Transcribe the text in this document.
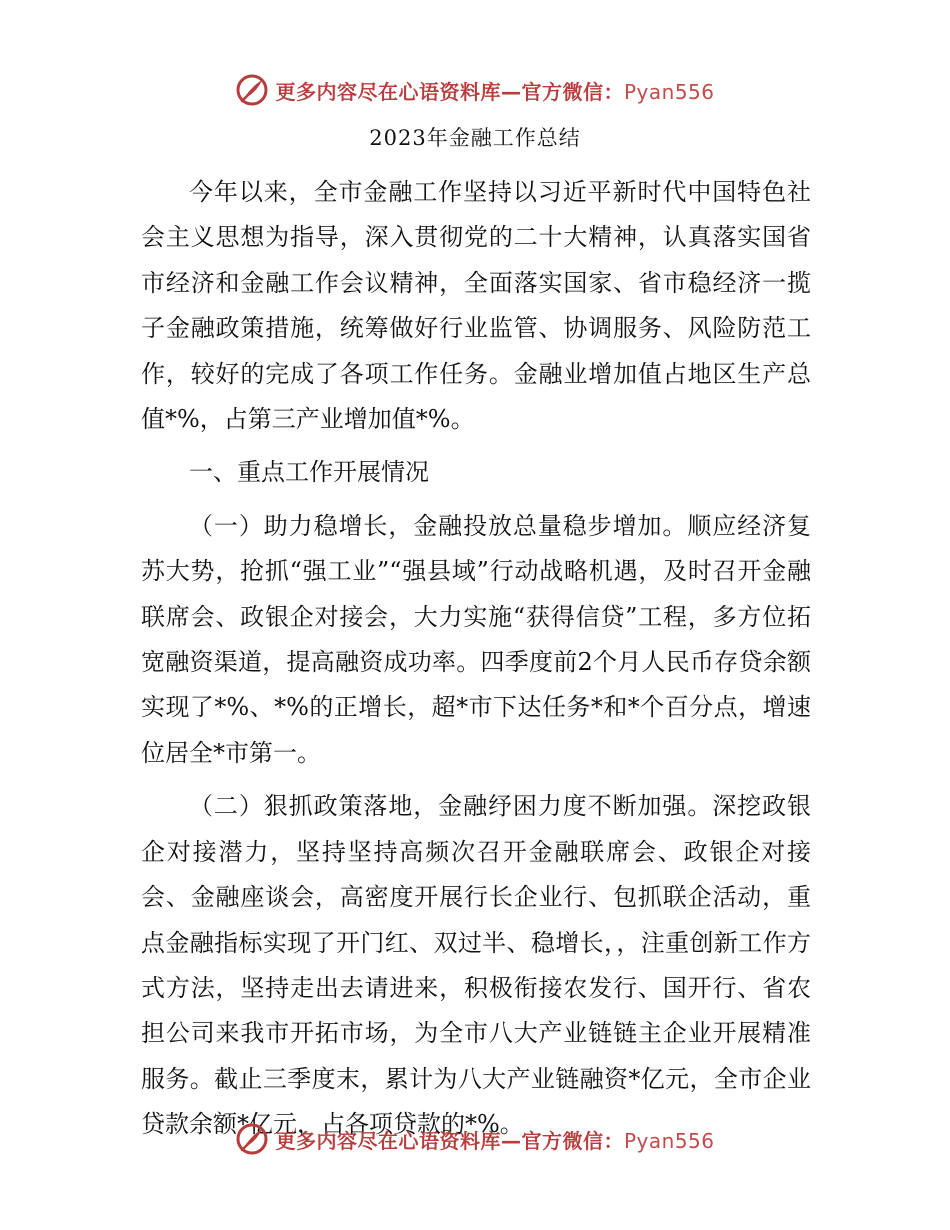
更多内容尽在心语资料库—官方微信：Pyan556
2023年金融工作总结

今年以来，全市金融工作坚持以习近平新时代中国特色社会主义思想为指导，深入贯彻党的二十大精神，认真落实国省市经济和金融工作会议精神，全面落实国家、省市稳经济一揽子金融政策措施，统筹做好行业监管、协调服务、风险防范工作，较好的完成了各项工作任务。金融业增加值占地区生产总值*%，占第三产业增加值*%。

一、重点工作开展情况

（一）助力稳增长，金融投放总量稳步增加。顺应经济复苏大势，抢抓“强工业”“强县域”行动战略机遇，及时召开金融联席会、政银企对接会，大力实施“获得信贷”工程，多方位拓宽融资渠道，提高融资成功率。四季度前2个月人民币存贷余额实现了*%、*%的正增长，超*市下达任务*和*个百分点，增速位居全*市第一。

（二）狠抓政策落地，金融纾困力度不断加强。深挖政银企对接潜力，坚持坚持高频次召开金融联席会、政银企对接会、金融座谈会，高密度开展行长企业行、包抓联企活动，重点金融指标实现了开门红、双过半、稳增长，，注重创新工作方式方法，坚持走出去请进来，积极衔接农发行、国开行、省农担公司来我市开拓市场，为全市八大产业链链主企业开展精准服务。截止三季度末，累计为八大产业链融资*亿元，全市企业贷款余额*亿元，占各项贷款的*%。

更多内容尽在心语资料库—官方微信：Pyan556
